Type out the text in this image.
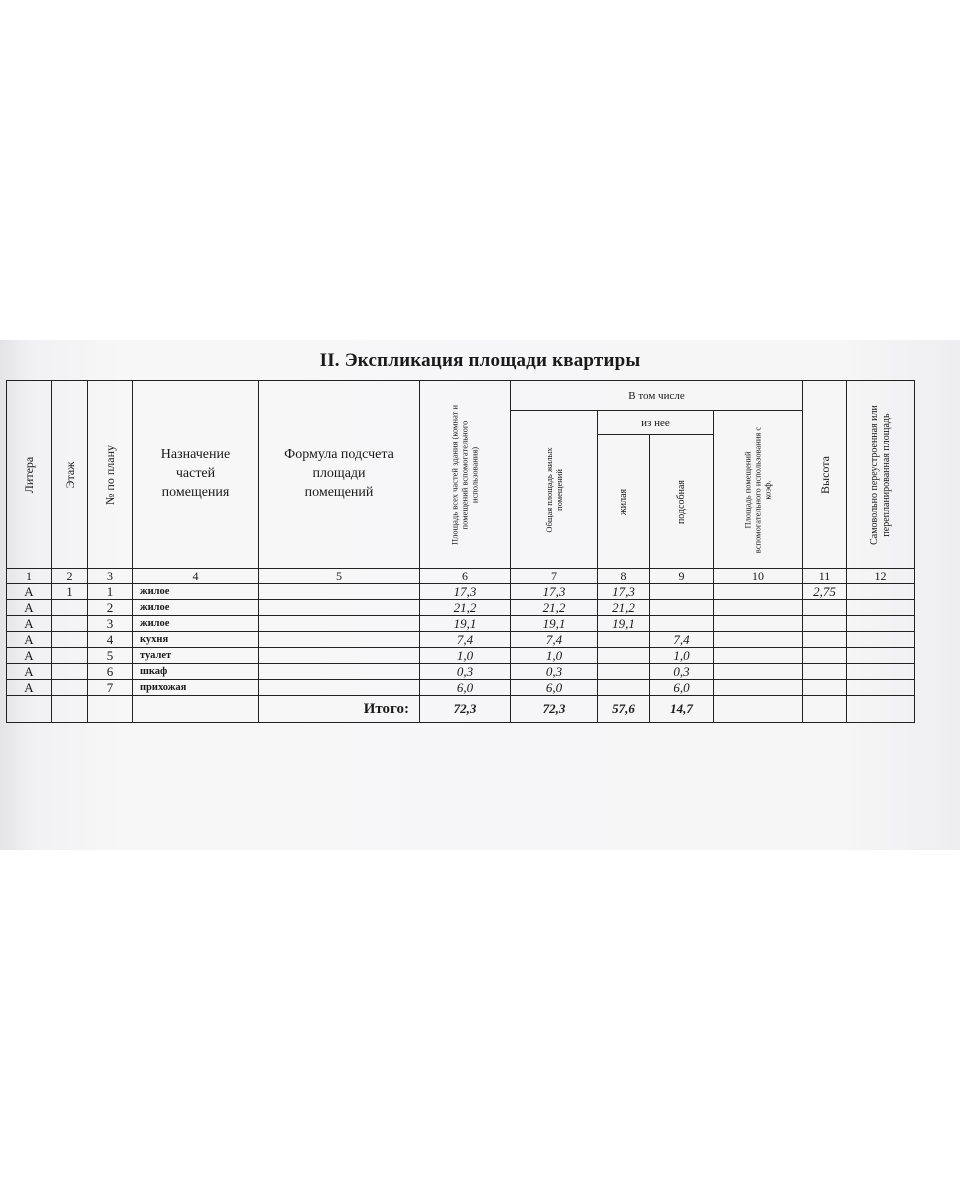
II. Экспликация площади квартиры
Литера	Этаж	№ по плану	Назначение частей помещения	Формула подсчета площади помещений	Площадь всех частей здания (комнат и помещений вспомогательного использования)	В том числе				Высота	Самовольно переустроенная или перепланированная площадь

						Общая площадь жилых помещений	из нее		Площадь помещений вспомогательного использования с коэф.		

							жилая	подсобная			

1	2	3	4	5	6	7	8	9	10	11	12
А	1	1	жилое		17,3	17,3	17,3			2,75	
А		2	жилое		21,2	21,2	21,2				
А		3	жилое		19,1	19,1	19,1				
А		4	кухня		7,4	7,4		7,4			
А		5	туалет		1,0	1,0		1,0			
А		6	шкаф		0,3	0,3		0,3			
А		7	прихожая		6,0	6,0		6,0			
				Итого:	72,3	72,3	57,6	14,7			
